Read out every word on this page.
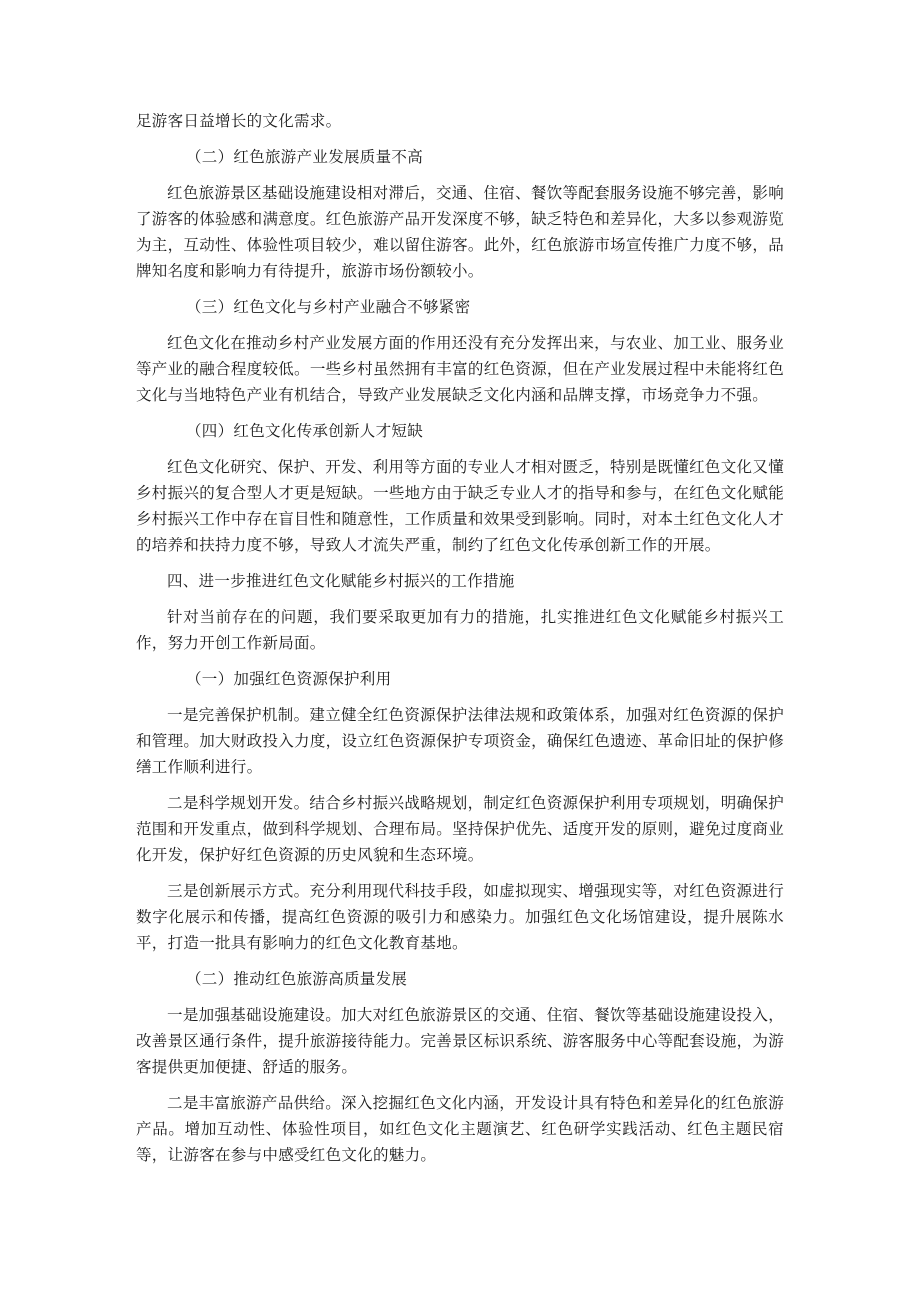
足游客日益增长的文化需求。

（二）红色旅游产业发展质量不高

红色旅游景区基础设施建设相对滞后，交通、住宿、餐饮等配套服务设施不够完善，影响了游客的体验感和满意度。红色旅游产品开发深度不够，缺乏特色和差异化，大多以参观游览为主，互动性、体验性项目较少，难以留住游客。此外，红色旅游市场宣传推广力度不够，品牌知名度和影响力有待提升，旅游市场份额较小。

（三）红色文化与乡村产业融合不够紧密

红色文化在推动乡村产业发展方面的作用还没有充分发挥出来，与农业、加工业、服务业等产业的融合程度较低。一些乡村虽然拥有丰富的红色资源，但在产业发展过程中未能将红色文化与当地特色产业有机结合，导致产业发展缺乏文化内涵和品牌支撑，市场竞争力不强。

（四）红色文化传承创新人才短缺

红色文化研究、保护、开发、利用等方面的专业人才相对匮乏，特别是既懂红色文化又懂乡村振兴的复合型人才更是短缺。一些地方由于缺乏专业人才的指导和参与，在红色文化赋能乡村振兴工作中存在盲目性和随意性，工作质量和效果受到影响。同时，对本土红色文化人才的培养和扶持力度不够，导致人才流失严重，制约了红色文化传承创新工作的开展。

四、进一步推进红色文化赋能乡村振兴的工作措施

针对当前存在的问题，我们要采取更加有力的措施，扎实推进红色文化赋能乡村振兴工作，努力开创工作新局面。

（一）加强红色资源保护利用

一是完善保护机制。建立健全红色资源保护法律法规和政策体系，加强对红色资源的保护和管理。加大财政投入力度，设立红色资源保护专项资金，确保红色遗迹、革命旧址的保护修缮工作顺利进行。

二是科学规划开发。结合乡村振兴战略规划，制定红色资源保护利用专项规划，明确保护范围和开发重点，做到科学规划、合理布局。坚持保护优先、适度开发的原则，避免过度商业化开发，保护好红色资源的历史风貌和生态环境。

三是创新展示方式。充分利用现代科技手段，如虚拟现实、增强现实等，对红色资源进行数字化展示和传播，提高红色资源的吸引力和感染力。加强红色文化场馆建设，提升展陈水平，打造一批具有影响力的红色文化教育基地。

（二）推动红色旅游高质量发展

一是加强基础设施建设。加大对红色旅游景区的交通、住宿、餐饮等基础设施建设投入，改善景区通行条件，提升旅游接待能力。完善景区标识系统、游客服务中心等配套设施，为游客提供更加便捷、舒适的服务。

二是丰富旅游产品供给。深入挖掘红色文化内涵，开发设计具有特色和差异化的红色旅游产品。增加互动性、体验性项目，如红色文化主题演艺、红色研学实践活动、红色主题民宿等，让游客在参与中感受红色文化的魅力。
